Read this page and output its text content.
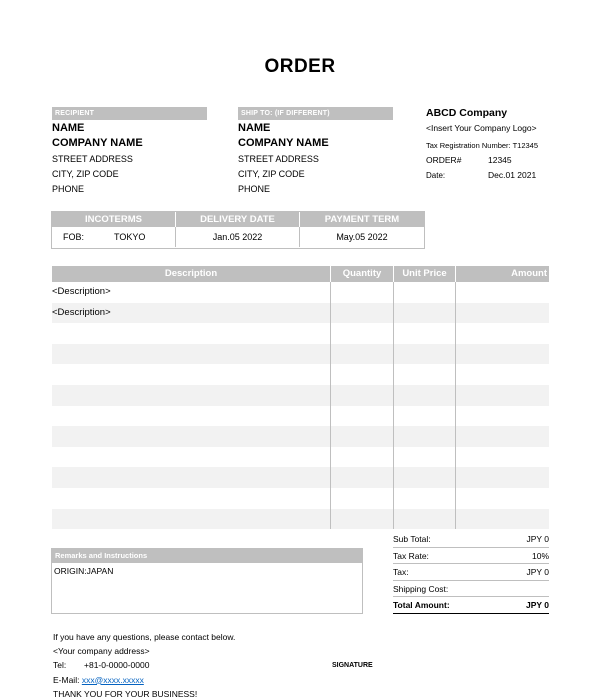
ORDER
RECIPIENT
NAME
COMPANY NAME
STREET ADDRESS
CITY, ZIP CODE
PHONE
SHIP TO: (IF DIFFERENT)
NAME
COMPANY NAME
STREET ADDRESS
CITY, ZIP CODE
PHONE
ABCD Company
<Insert Your Company Logo>
Tax Registration Number: T12345
ORDER#	12345
Date:	Dec.01 2021
INCOTERMS	DELIVERY DATE	PAYMENT TERM
FOB:	TOKYO	Jan.05 2022	May.05 2022
Description	Quantity	Unit Price	Amount
<Description>
<Description>
Sub Total:	JPY 0
Tax Rate:	10%
Tax:	JPY 0
Shipping Cost:
Total Amount:	JPY 0
Remarks and Instructions
ORIGIN:JAPAN
If you have any questions, please contact below.
<Your company address>
Tel:	+81-0-0000-0000
E-Mail: xxx@xxxx.xxxxx
THANK YOU FOR YOUR BUSINESS!
SIGNATURE
